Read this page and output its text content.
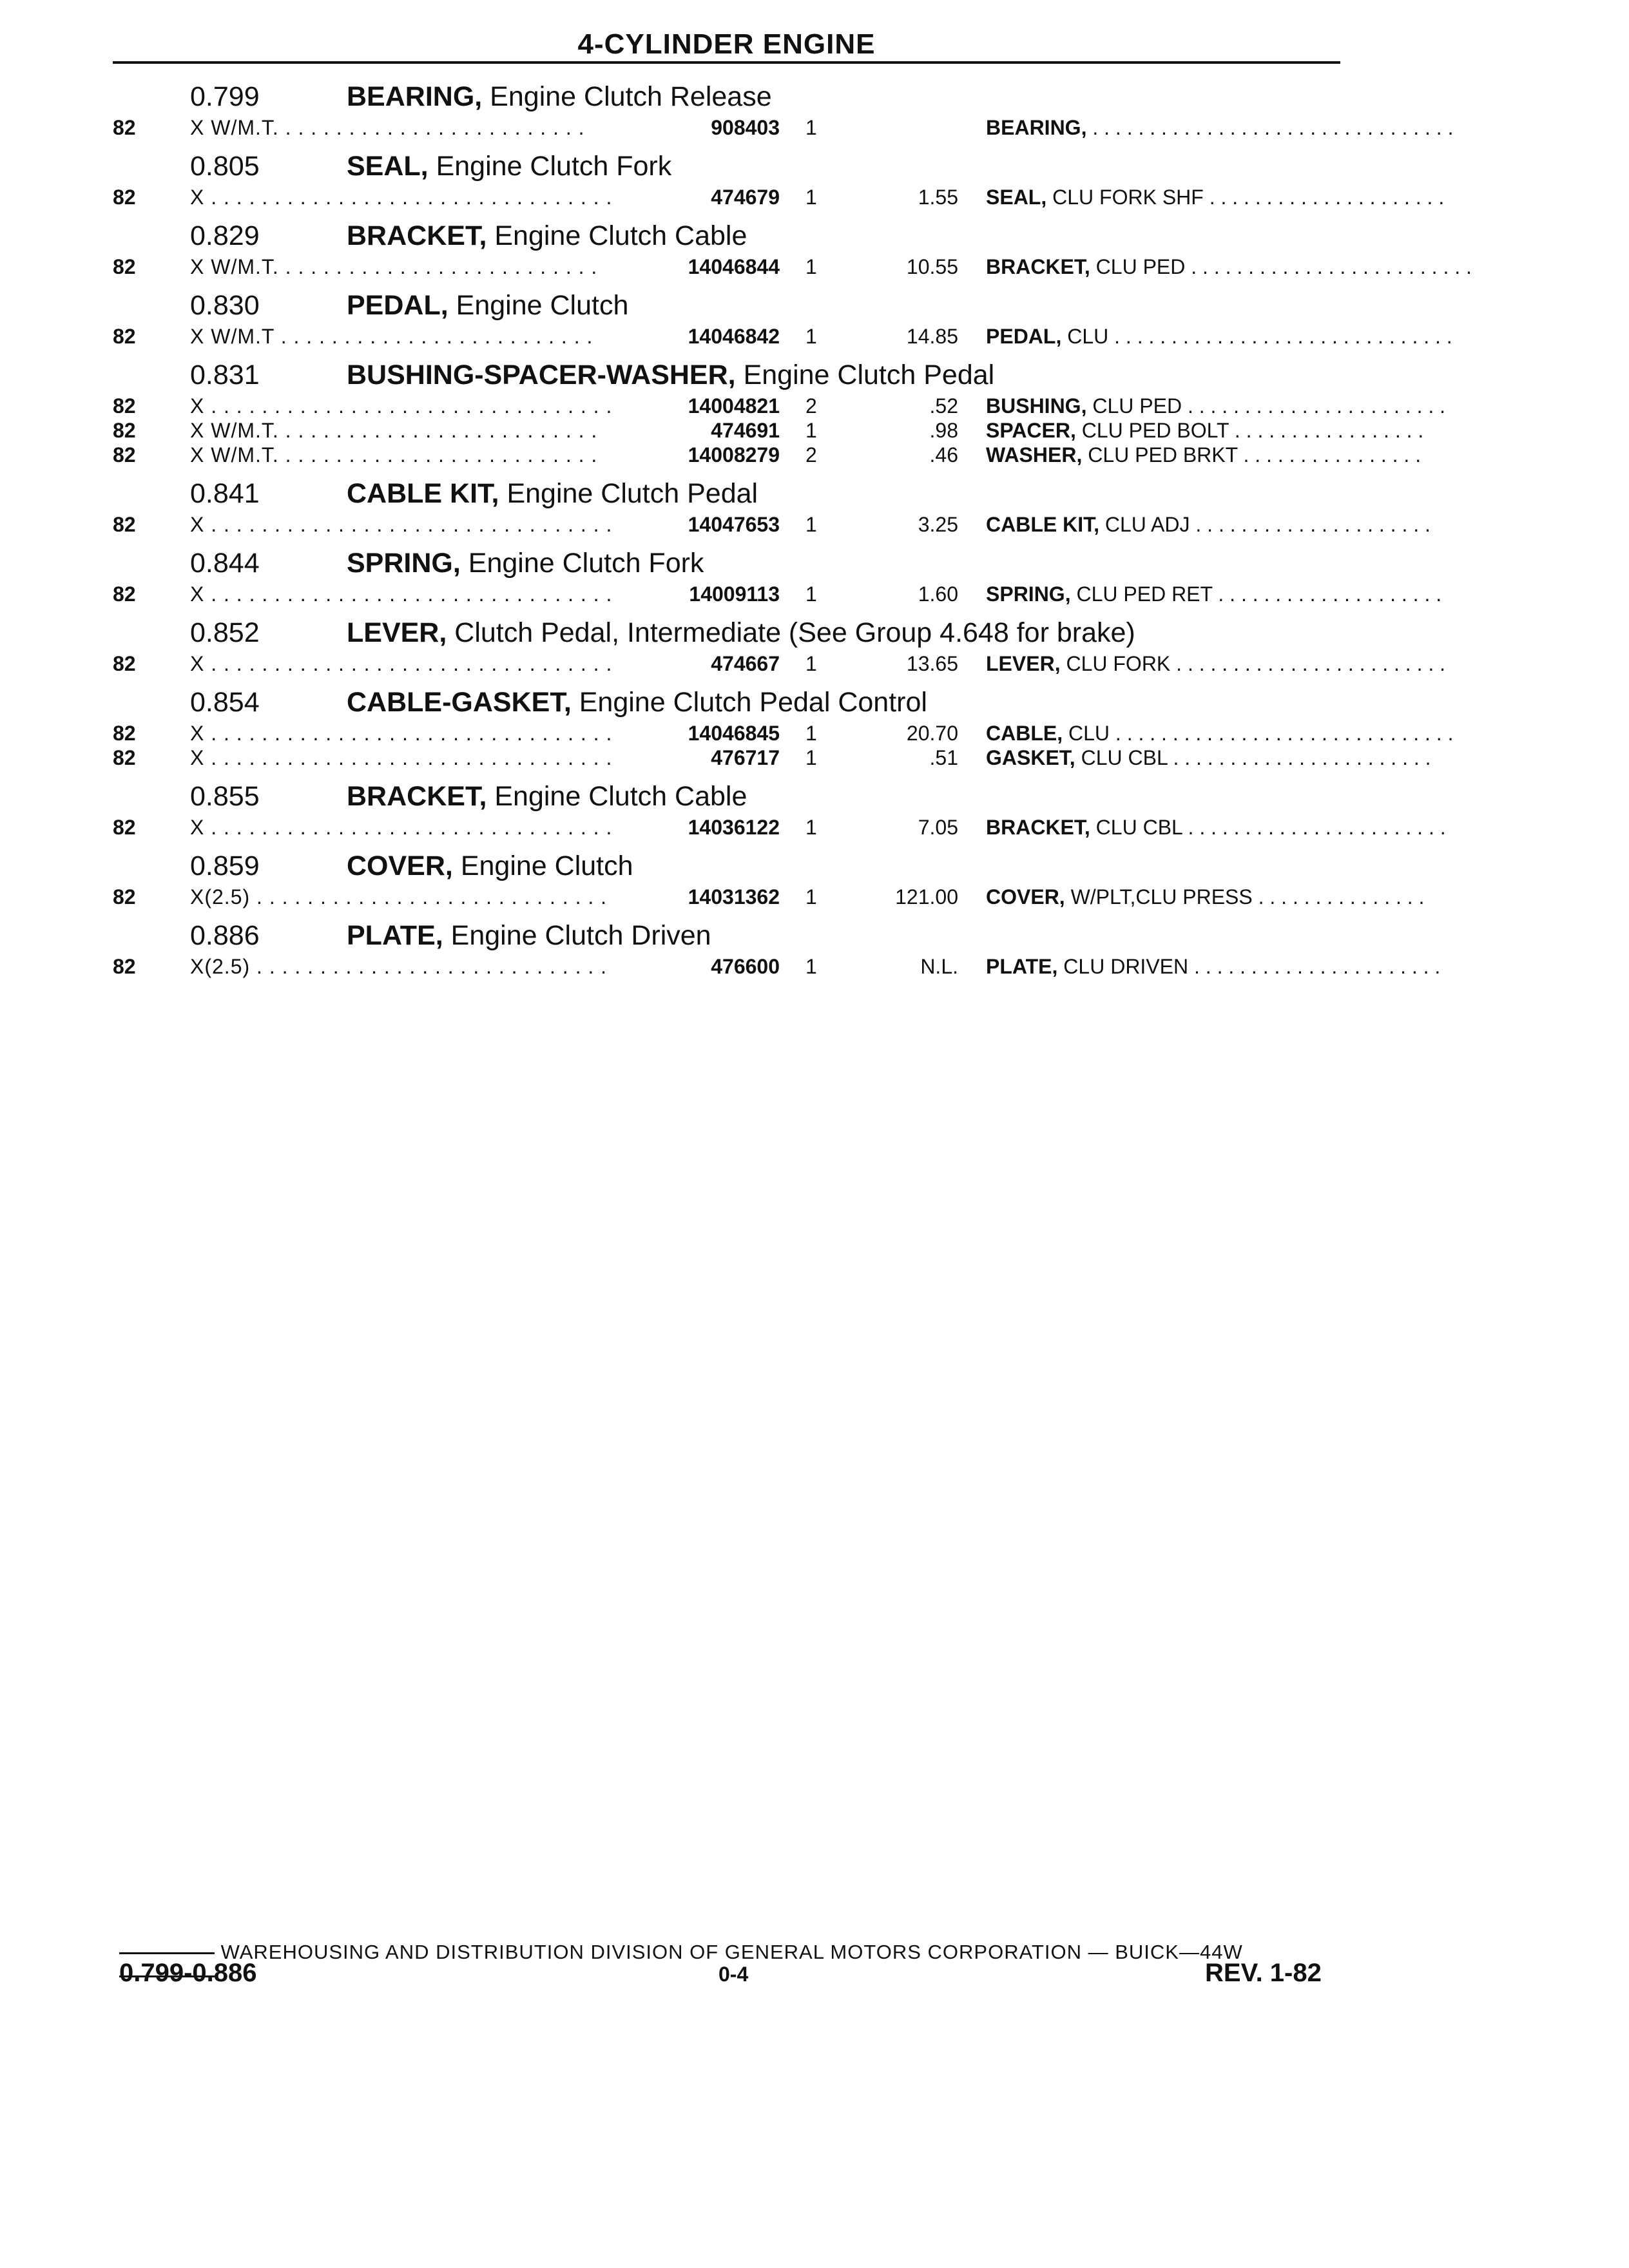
4-CYLINDER ENGINE
0.799	BEARING, Engine Clutch Release
82	X W/M.T. . . . . . . . . . . . . . . . . . . . . . . . .	908403 1	BEARING, . . . . . . . . . . . . . . . . . . . . . . . . . . . . . . . .
0.805	SEAL, Engine Clutch Fork
82	X . . . . . . . . . . . . . . . . . . . . . . . . . . . . . . . .	474679 1	1.55 SEAL, CLU FORK SHF . . . . . . . . . . . . . . . . . . . . .
0.829	BRACKET, Engine Clutch Cable
82	X W/M.T. . . . . . . . . . . . . . . . . . . . . . . . . .	14046844 1	10.55 BRACKET, CLU PED . . . . . . . . . . . . . . . . . . . . . . . . .
0.830	PEDAL, Engine Clutch
82	X W/M.T . . . . . . . . . . . . . . . . . . . . . . . . .	14046842 1	14.85 PEDAL, CLU . . . . . . . . . . . . . . . . . . . . . . . . . . . . . .
0.831	BUSHING-SPACER-WASHER, Engine Clutch Pedal
82	X . . . . . . . . . . . . . . . . . . . . . . . . . . . . . . . .	14004821 2	.52 BUSHING, CLU PED . . . . . . . . . . . . . . . . . . . . . . .
82	X W/M.T. . . . . . . . . . . . . . . . . . . . . . . . . .	474691 1	.98 SPACER, CLU PED BOLT . . . . . . . . . . . . . . . . .
82	X W/M.T. . . . . . . . . . . . . . . . . . . . . . . . . .	14008279 2	.46 WASHER, CLU PED BRKT . . . . . . . . . . . . . . . .
0.841	CABLE KIT, Engine Clutch Pedal
82	X . . . . . . . . . . . . . . . . . . . . . . . . . . . . . . . .	14047653 1	3.25 CABLE KIT, CLU ADJ . . . . . . . . . . . . . . . . . . . . .
0.844	SPRING, Engine Clutch Fork
82	X . . . . . . . . . . . . . . . . . . . . . . . . . . . . . . . .	14009113 1	1.60 SPRING, CLU PED RET . . . . . . . . . . . . . . . . . . . .
0.852	LEVER, Clutch Pedal, Intermediate (See Group 4.648 for brake)
82	X . . . . . . . . . . . . . . . . . . . . . . . . . . . . . . . .	474667 1	13.65 LEVER, CLU FORK . . . . . . . . . . . . . . . . . . . . . . . .
0.854	CABLE-GASKET, Engine Clutch Pedal Control
82	X . . . . . . . . . . . . . . . . . . . . . . . . . . . . . . . .	14046845 1	20.70 CABLE, CLU . . . . . . . . . . . . . . . . . . . . . . . . . . . . . .
82	X . . . . . . . . . . . . . . . . . . . . . . . . . . . . . . . .	476717 1	.51 GASKET, CLU CBL . . . . . . . . . . . . . . . . . . . . . . .
0.855	BRACKET, Engine Clutch Cable
82	X . . . . . . . . . . . . . . . . . . . . . . . . . . . . . . . .	14036122 1	7.05 BRACKET, CLU CBL . . . . . . . . . . . . . . . . . . . . . . .
0.859	COVER, Engine Clutch
82	X(2.5) . . . . . . . . . . . . . . . . . . . . . . . . . . . .	14031362 1	121.00 COVER, W/PLT,CLU PRESS . . . . . . . . . . . . . . .
0.886	PLATE, Engine Clutch Driven
82	X(2.5) . . . . . . . . . . . . . . . . . . . . . . . . . . . .	476600 1	N.L. PLATE, CLU DRIVEN . . . . . . . . . . . . . . . . . . . . . .
WAREHOUSING AND DISTRIBUTION DIVISION OF GENERAL MOTORS CORPORATION — BUICK—44W
0.799-0.886	0-4	REV. 1-82
